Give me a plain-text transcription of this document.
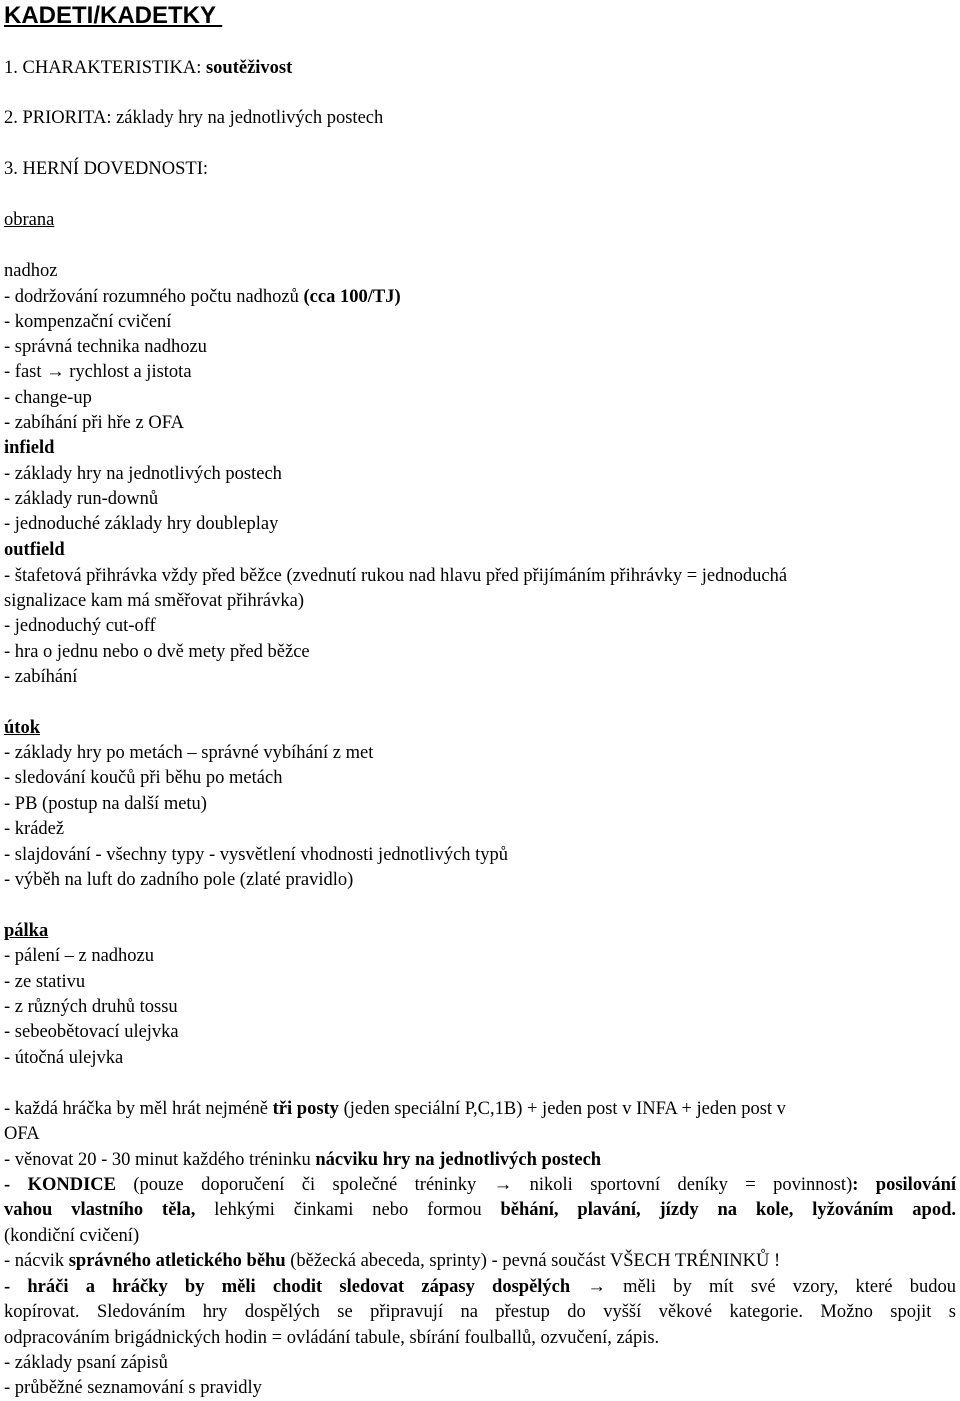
KADETI/KADETKY
1. CHARAKTERISTIKA: soutěživost
2. PRIORITA: základy hry na jednotlivých postech
3. HERNÍ DOVEDNOSTI:
obrana
nadhoz
- dodržování rozumného počtu nadhozů (cca 100/TJ)
- kompenzační cvičení
- správná technika nadhozu
- fast → rychlost a jistota
- change-up
- zabíhání při hře z OFA
infield
- základy hry na jednotlivých postech
- základy run-downů
- jednoduché základy hry doubleplay
outfield
- štafetová přihrávka vždy před běžce (zvednutí rukou nad hlavu před přijímáním přihrávky = jednoduchá
signalizace kam má směřovat přihrávka)
- jednoduchý cut-off
- hra o jednu nebo o dvě mety před běžce
- zabíhání
útok
- základy hry po metách – správné vybíhání z met
- sledování koučů při běhu po metách
- PB (postup na další metu)
- krádež
- slajdování - všechny typy - vysvětlení vhodnosti jednotlivých typů
- výběh na luft do zadního pole (zlaté pravidlo)
pálka
- pálení – z nadhozu
- ze stativu
- z různých druhů tossu
- sebeobětovací ulejvka
- útočná ulejvka
- každá hráčka by měl hrát nejméně tři posty (jeden speciální P,C,1B) + jeden post v INFA + jeden post v
OFA
- věnovat 20 - 30 minut každého tréninku nácviku hry na jednotlivých postech
- KONDICE (pouze doporučení či společné tréninky → nikoli sportovní deníky = povinnost): posilování
vahou vlastního těla, lehkými činkami nebo formou běhání, plavání, jízdy na kole, lyžováním apod.
(kondiční cvičení)
- nácvik správného atletického běhu (běžecká abeceda, sprinty) - pevná součást VŠECH TRÉNINKŮ !
- hráči a hráčky by měli chodit sledovat zápasy dospělých → měli by mít své vzory, které budou
kopírovat. Sledováním hry dospělých se připravují na přestup do vyšší věkové kategorie. Možno spojit s
odpracováním brigádnických hodin = ovládání tabule, sbírání foulballů, ozvučení, zápis.
- základy psaní zápisů
- průběžné seznamování s pravidly
